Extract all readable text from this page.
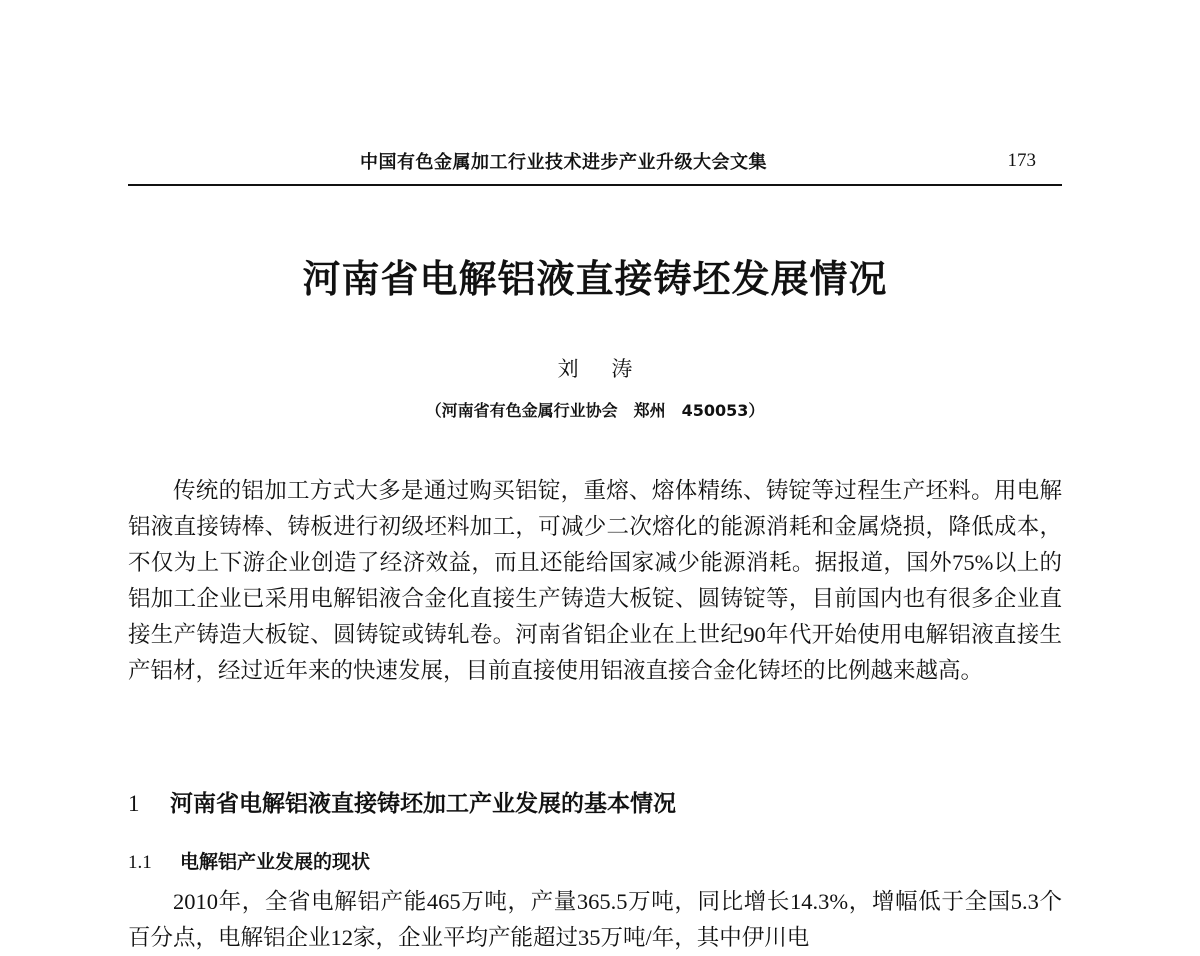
中国有色金属加工行业技术进步产业升级大会文集	173
河南省电解铝液直接铸坯发展情况
刘 涛
（河南省有色金属行业协会　郑州　450053）

传统的铝加工方式大多是通过购买铝锭，重熔、熔体精练、铸锭等过程生产坯料。用电解铝液直接铸棒、铸板进行初级坯料加工，可减少二次熔化的能源消耗和金属烧损，降低成本，不仅为上下游企业创造了经济效益，而且还能给国家减少能源消耗。据报道，国外75%以上的铝加工企业已采用电解铝液合金化直接生产铸造大板锭、圆铸锭等，目前国内也有很多企业直接生产铸造大板锭、圆铸锭或铸轧卷。河南省铝企业在上世纪90年代开始使用电解铝液直接生产铝材，经过近年来的快速发展，目前直接使用铝液直接合金化铸坯的比例越来越高。

1 河南省电解铝液直接铸坯加工产业发展的基本情况
1.1 电解铝产业发展的现状

2010年，全省电解铝产能465万吨，产量365.5万吨，同比增长14.3%，增幅低于全国5.3个百分点，电解铝企业12家，企业平均产能超过35万吨/年，其中伊川电
